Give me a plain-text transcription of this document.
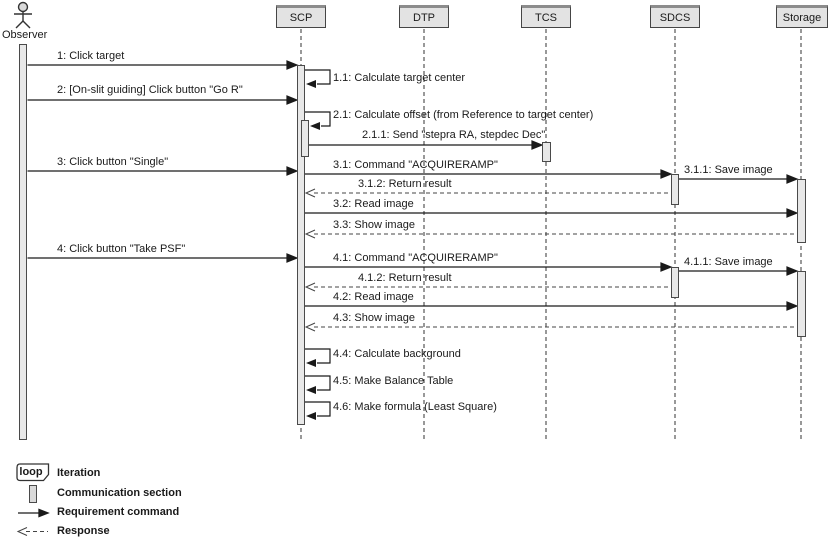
Observer
SCP	DTP	TCS	SDCS	Storage
1: Click target
1.1: Calculate target center
2: [On-slit guiding] Click button "Go R"
2.1: Calculate offset (from Reference to target center)
2.1.1: Send "stepra RA, stepdec Dec"
3: Click button "Single"	3.1: Command "ACQUIRERAMP"	3.1.1: Save image
3.1.2: Return result
3.2: Read image
3.3: Show image
4: Click button "Take PSF"
4.1: Command "ACQUIRERAMP"	4.1.1: Save image
4.1.2: Return result
4.2: Read image
4.3: Show image
4.4: Calculate background
4.5: Make Balance Table
4.6: Make formula (Least Square)
loop Iteration
Communication section
Requirement command
Response
